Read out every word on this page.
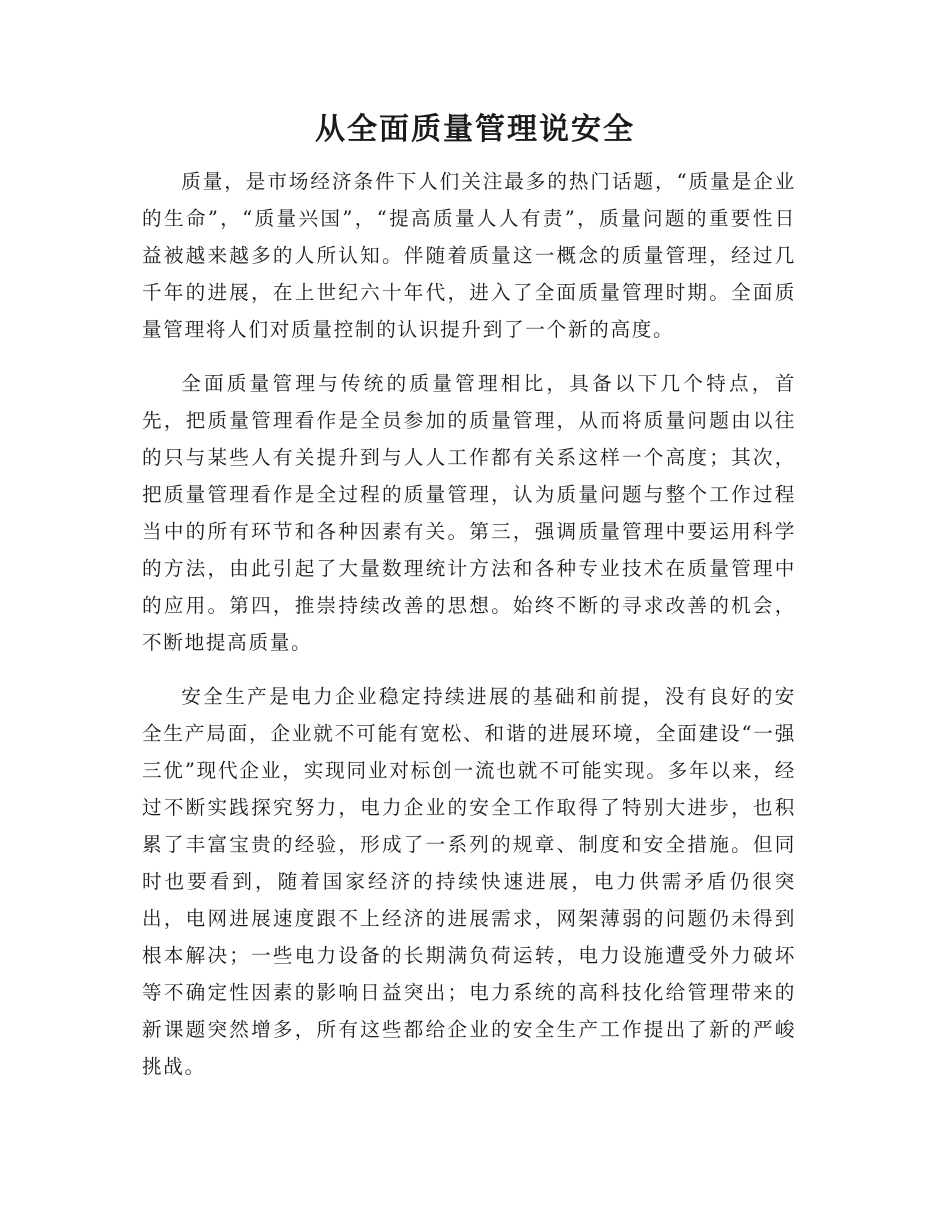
从全面质量管理说安全

质量，是市场经济条件下人们关注最多的热门话题，“质量是企业的生命”，“质量兴国”，“提高质量人人有责”，质量问题的重要性日益被越来越多的人所认知。伴随着质量这一概念的质量管理，经过几千年的进展，在上世纪六十年代，进入了全面质量管理时期。全面质量管理将人们对质量控制的认识提升到了一个新的高度。

全面质量管理与传统的质量管理相比，具备以下几个特点，首先，把质量管理看作是全员参加的质量管理，从而将质量问题由以往的只与某些人有关提升到与人人工作都有关系这样一个高度；其次，把质量管理看作是全过程的质量管理，认为质量问题与整个工作过程当中的所有环节和各种因素有关。第三，强调质量管理中要运用科学的方法，由此引起了大量数理统计方法和各种专业技术在质量管理中的应用。第四，推崇持续改善的思想。始终不断的寻求改善的机会，不断地提高质量。

安全生产是电力企业稳定持续进展的基础和前提，没有良好的安全生产局面，企业就不可能有宽松、和谐的进展环境，全面建设“一强三优”现代企业，实现同业对标创一流也就不可能实现。多年以来，经过不断实践探究努力，电力企业的安全工作取得了特别大进步，也积累了丰富宝贵的经验，形成了一系列的规章、制度和安全措施。但同时也要看到，随着国家经济的持续快速进展，电力供需矛盾仍很突出，电网进展速度跟不上经济的进展需求，网架薄弱的问题仍未得到根本解决；一些电力设备的长期满负荷运转，电力设施遭受外力破坏等不确定性因素的影响日益突出；电力系统的高科技化给管理带来的新课题突然增多，所有这些都给企业的安全生产工作提出了新的严峻挑战。
